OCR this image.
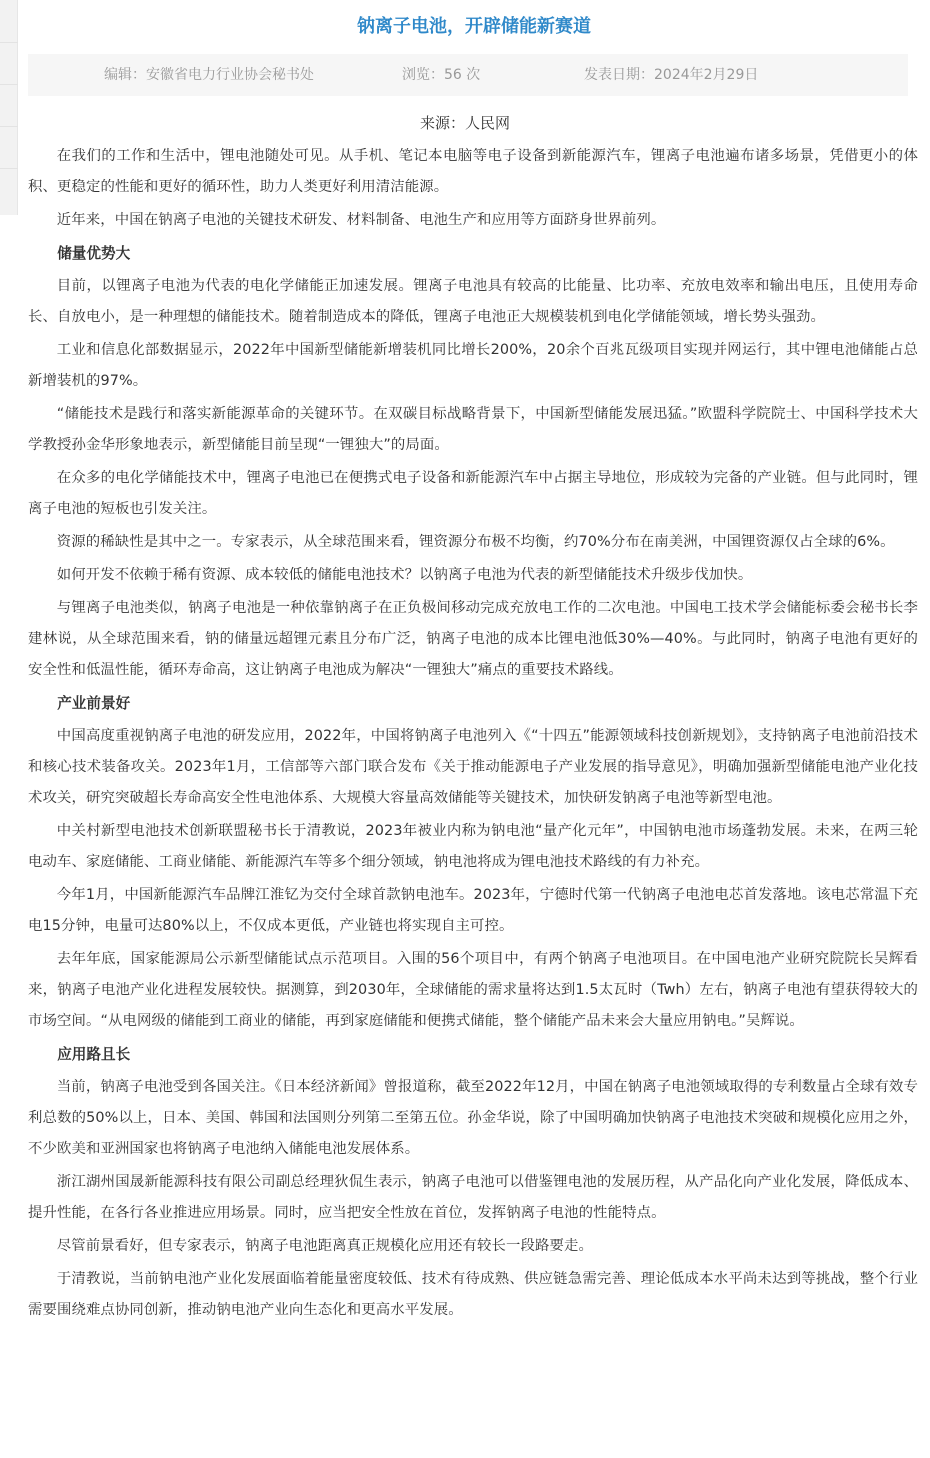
钠离子电池，开辟储能新赛道
编辑：安徽省电力行业协会秘书处	浏览：56 次	发表日期：2024年2月29日
来源：人民网
在我们的工作和生活中，锂电池随处可见。从手机、笔记本电脑等电子设备到新能源汽车，锂离子电池遍布诸多场景，凭借更小的体积、更稳定的性能和更好的循环性，助力人类更好利用清洁能源。
近年来，中国在钠离子电池的关键技术研发、材料制备、电池生产和应用等方面跻身世界前列。
储量优势大
目前，以锂离子电池为代表的电化学储能正加速发展。锂离子电池具有较高的比能量、比功率、充放电效率和输出电压，且使用寿命长、自放电小，是一种理想的储能技术。随着制造成本的降低，锂离子电池正大规模装机到电化学储能领域，增长势头强劲。
工业和信息化部数据显示，2022年中国新型储能新增装机同比增长200%，20余个百兆瓦级项目实现并网运行，其中锂电池储能占总新增装机的97%。
“储能技术是践行和落实新能源革命的关键环节。在双碳目标战略背景下，中国新型储能发展迅猛。”欧盟科学院院士、中国科学技术大学教授孙金华形象地表示，新型储能目前呈现“一锂独大”的局面。
在众多的电化学储能技术中，锂离子电池已在便携式电子设备和新能源汽车中占据主导地位，形成较为完备的产业链。但与此同时，锂离子电池的短板也引发关注。
资源的稀缺性是其中之一。专家表示，从全球范围来看，锂资源分布极不均衡，约70%分布在南美洲，中国锂资源仅占全球的6%。
如何开发不依赖于稀有资源、成本较低的储能电池技术？以钠离子电池为代表的新型储能技术升级步伐加快。
与锂离子电池类似，钠离子电池是一种依靠钠离子在正负极间移动完成充放电工作的二次电池。中国电工技术学会储能标委会秘书长李建林说，从全球范围来看，钠的储量远超锂元素且分布广泛，钠离子电池的成本比锂电池低30%—40%。与此同时，钠离子电池有更好的安全性和低温性能，循环寿命高，这让钠离子电池成为解决“一锂独大”痛点的重要技术路线。
产业前景好
中国高度重视钠离子电池的研发应用，2022年，中国将钠离子电池列入《“十四五”能源领域科技创新规划》，支持钠离子电池前沿技术和核心技术装备攻关。2023年1月，工信部等六部门联合发布《关于推动能源电子产业发展的指导意见》，明确加强新型储能电池产业化技术攻关，研究突破超长寿命高安全性电池体系、大规模大容量高效储能等关键技术，加快研发钠离子电池等新型电池。
中关村新型电池技术创新联盟秘书长于清教说，2023年被业内称为钠电池“量产化元年”，中国钠电池市场蓬勃发展。未来，在两三轮电动车、家庭储能、工商业储能、新能源汽车等多个细分领域，钠电池将成为锂电池技术路线的有力补充。
今年1月，中国新能源汽车品牌江淮钇为交付全球首款钠电池车。2023年，宁德时代第一代钠离子电池电芯首发落地。该电芯常温下充电15分钟，电量可达80%以上，不仅成本更低，产业链也将实现自主可控。
去年年底，国家能源局公示新型储能试点示范项目。入围的56个项目中，有两个钠离子电池项目。在中国电池产业研究院院长吴辉看来，钠离子电池产业化进程发展较快。据测算，到2030年，全球储能的需求量将达到1.5太瓦时（Twh）左右，钠离子电池有望获得较大的市场空间。“从电网级的储能到工商业的储能，再到家庭储能和便携式储能，整个储能产品未来会大量应用钠电。”吴辉说。
应用路且长
当前，钠离子电池受到各国关注。《日本经济新闻》曾报道称，截至2022年12月，中国在钠离子电池领域取得的专利数量占全球有效专利总数的50%以上，日本、美国、韩国和法国则分列第二至第五位。孙金华说，除了中国明确加快钠离子电池技术突破和规模化应用之外，不少欧美和亚洲国家也将钠离子电池纳入储能电池发展体系。
浙江湖州国晟新能源科技有限公司副总经理狄侃生表示，钠离子电池可以借鉴锂电池的发展历程，从产品化向产业化发展，降低成本、提升性能，在各行各业推进应用场景。同时，应当把安全性放在首位，发挥钠离子电池的性能特点。
尽管前景看好，但专家表示，钠离子电池距离真正规模化应用还有较长一段路要走。
于清教说，当前钠电池产业化发展面临着能量密度较低、技术有待成熟、供应链急需完善、理论低成本水平尚未达到等挑战，整个行业需要围绕难点协同创新，推动钠电池产业向生态化和更高水平发展。
